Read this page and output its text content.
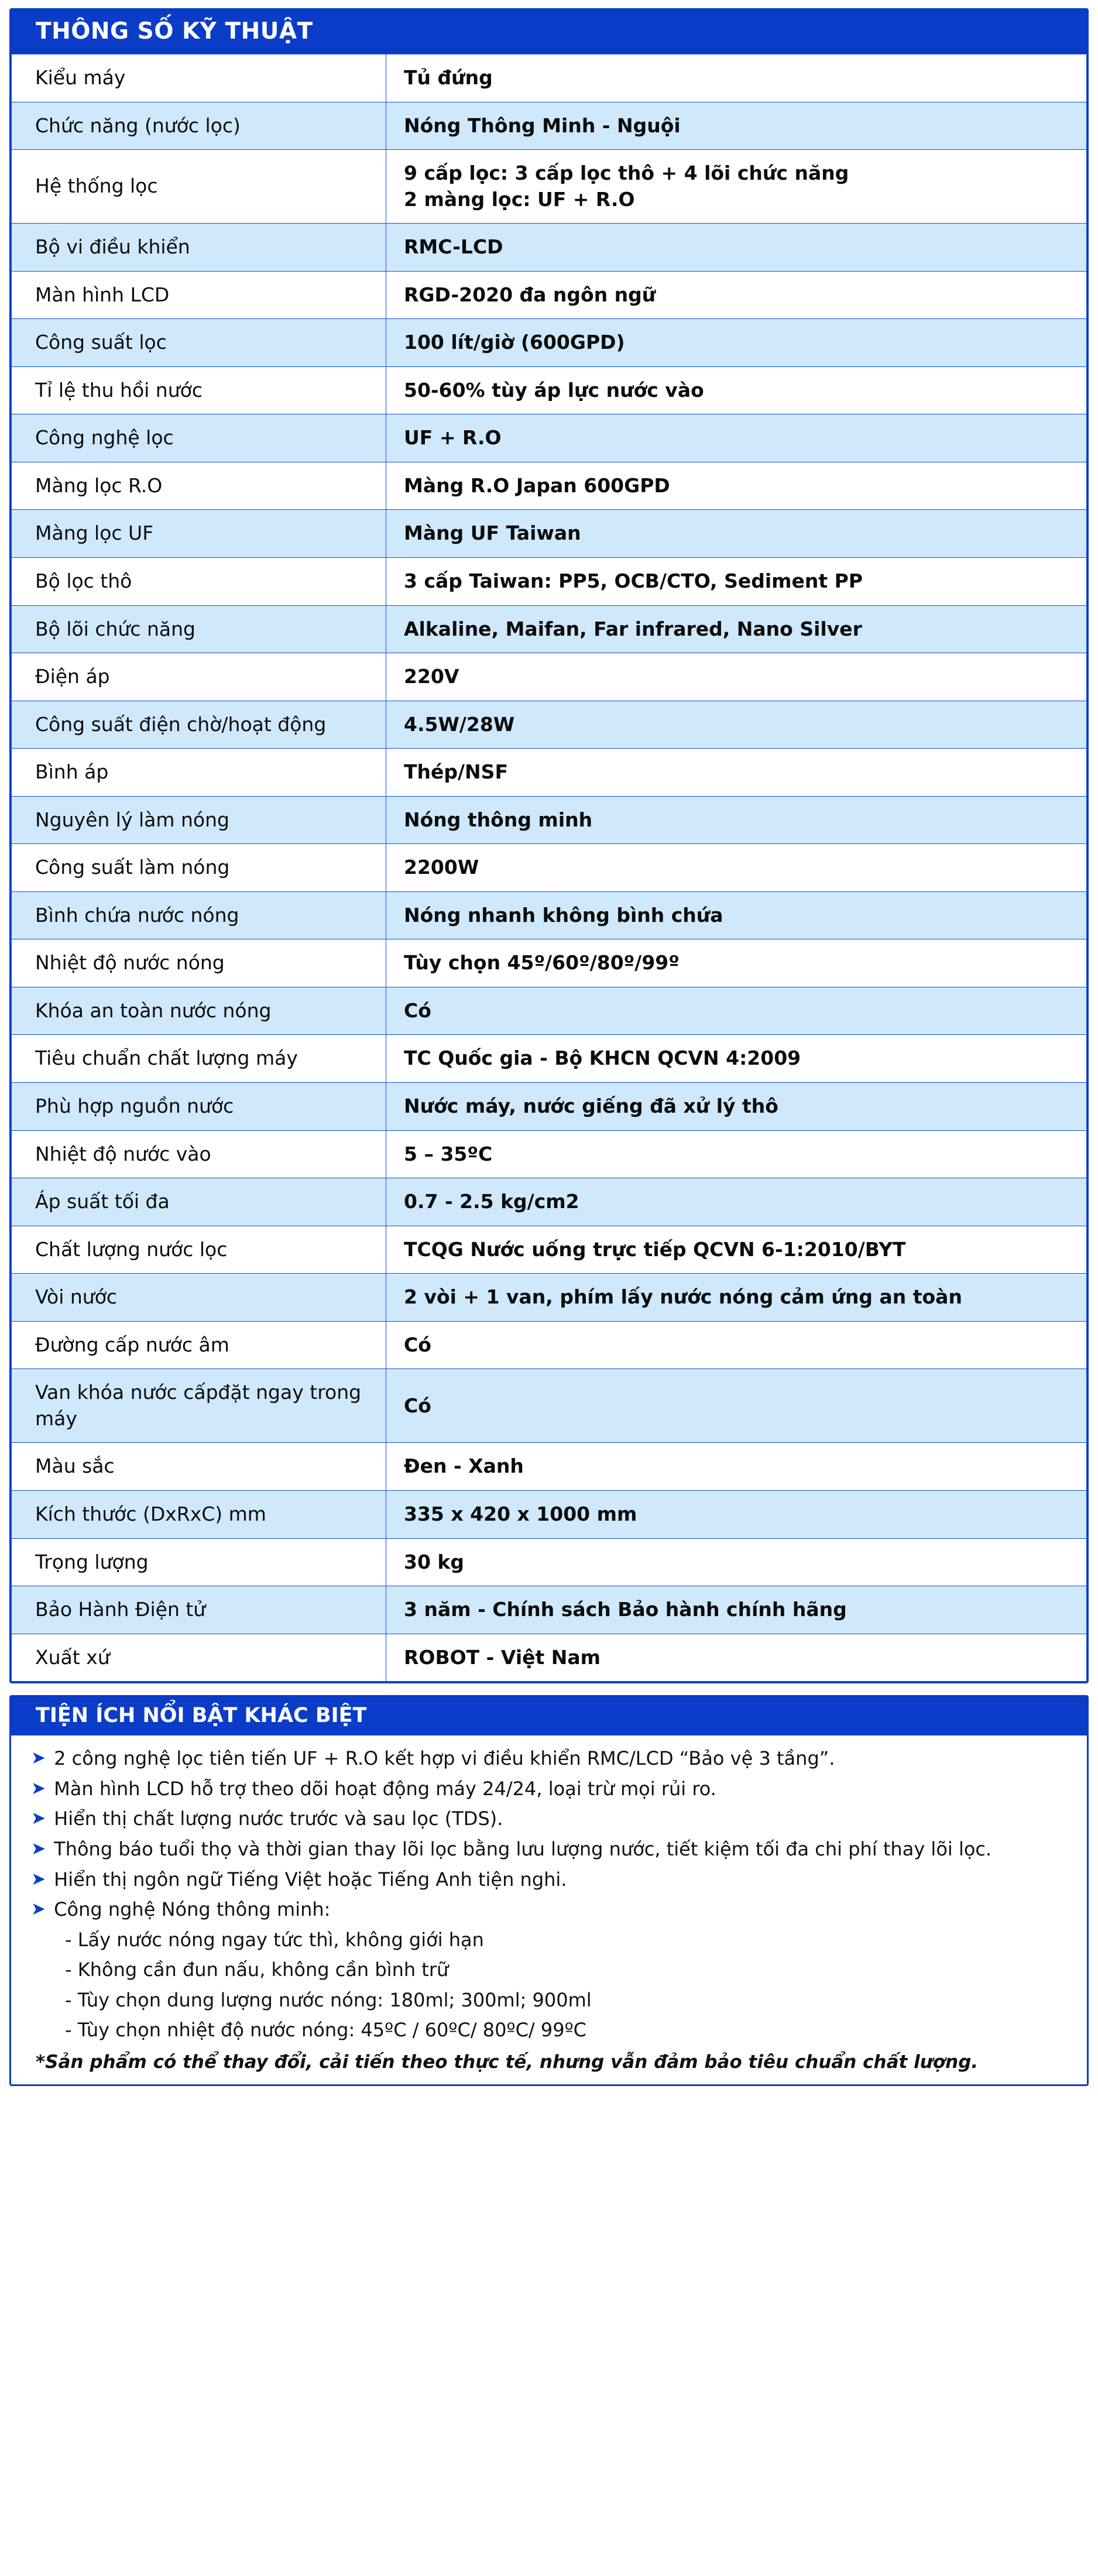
THÔNG SỐ KỸ THUẬT
Kiểu máy	Tủ đứng

Chức năng (nước lọc)	Nóng Thông Minh - Nguội

Hệ thống lọc	9 cấp lọc: 3 cấp lọc thô + 4 lõi chức năng
2 màng lọc: UF + R.O

Bộ vi điều khiển	RMC-LCD

Màn hình LCD	RGD-2020 đa ngôn ngữ

Công suất lọc	100 lít/giờ (600GPD)

Tỉ lệ thu hồi nước	50-60% tùy áp lực nước vào

Công nghệ lọc	UF + R.O

Màng lọc R.O	Màng R.O Japan 600GPD

Màng lọc UF	Màng UF Taiwan

Bộ lọc thô	3 cấp Taiwan: PP5, OCB/CTO, Sediment PP

Bộ lõi chức năng	Alkaline, Maifan, Far infrared, Nano Silver

Điện áp	220V

Công suất điện chờ/hoạt động	4.5W/28W

Bình áp	Thép/NSF

Nguyên lý làm nóng	Nóng thông minh

Công suất làm nóng	2200W

Bình chứa nước nóng	Nóng nhanh không bình chứa

Nhiệt độ nước nóng	Tùy chọn 45º/60º/80º/99º

Khóa an toàn nước nóng	Có

Tiêu chuẩn chất lượng máy	TC Quốc gia - Bộ KHCN QCVN 4:2009

Phù hợp nguồn nước	Nước máy, nước giếng đã xử lý thô

Nhiệt độ nước vào	5 – 35ºC

Áp suất tối đa	0.7 - 2.5 kg/cm2

Chất lượng nước lọc	TCQG Nước uống trực tiếp QCVN 6-1:2010/BYT

Vòi nước	2 vòi + 1 van, phím lấy nước nóng cảm ứng an toàn

Đường cấp nước âm	Có

Van khóa nước cấpđặt ngay trong máy	Có

Màu sắc	Đen - Xanh

Kích thước (DxRxC) mm	335 x 420 x 1000 mm

Trọng lượng	30 kg

Bảo Hành Điện tử	3 năm - Chính sách Bảo hành chính hãng

Xuất xứ	ROBOT - Việt Nam
TIỆN ÍCH NỔI BẬT KHÁC BIỆT
➤ 2 công nghệ lọc tiên tiến UF + R.O kết hợp vi điều khiển RMC/LCD “Bảo vệ 3 tầng”.
➤ Màn hình LCD hỗ trợ theo dõi hoạt động máy 24/24, loại trừ mọi rủi ro.
➤ Hiển thị chất lượng nước trước và sau lọc (TDS).
➤ Thông báo tuổi thọ và thời gian thay lõi lọc bằng lưu lượng nước, tiết kiệm tối đa chi phí thay lõi lọc.
➤ Hiển thị ngôn ngữ Tiếng Việt hoặc Tiếng Anh tiện nghi.
➤ Công nghệ Nóng thông minh:
- Lấy nước nóng ngay tức thì, không giới hạn
- Không cần đun nấu, không cần bình trữ
- Tùy chọn dung lượng nước nóng: 180ml; 300ml; 900ml
- Tùy chọn nhiệt độ nước nóng: 45ºC / 60ºC/ 80ºC/ 99ºC
*Sản phẩm có thể thay đổi, cải tiến theo thực tế, nhưng vẫn đảm bảo tiêu chuẩn chất lượng.
